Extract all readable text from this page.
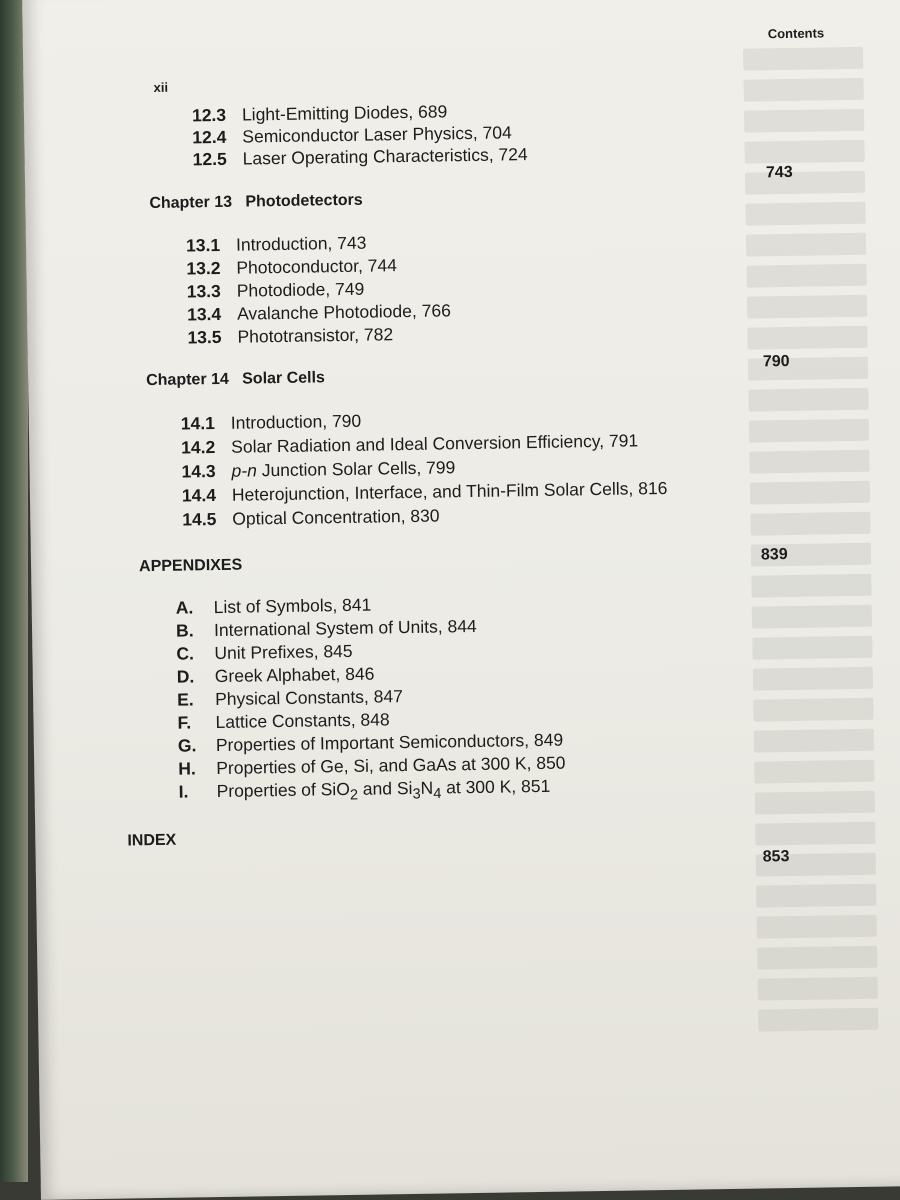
Contents
xii
12.3 Light-Emitting Diodes, 689
12.4 Semiconductor Laser Physics, 704
12.5 Laser Operating Characteristics, 724
Chapter 13 Photodetectors
743
13.1 Introduction, 743
13.2 Photoconductor, 744
13.3 Photodiode, 749
13.4 Avalanche Photodiode, 766
13.5 Phototransistor, 782
Chapter 14 Solar Cells
790
14.1 Introduction, 790
14.2 Solar Radiation and Ideal Conversion Efficiency, 791
14.3 p-n Junction Solar Cells, 799
14.4 Heterojunction, Interface, and Thin-Film Solar Cells, 816
14.5 Optical Concentration, 830
APPENDIXES
839
A. List of Symbols, 841
B. International System of Units, 844
C. Unit Prefixes, 845
D. Greek Alphabet, 846
E. Physical Constants, 847
F. Lattice Constants, 848
G. Properties of Important Semiconductors, 849
H. Properties of Ge, Si, and GaAs at 300 K, 850
I. Properties of SiO$_2$ and $Si_3N_4$ at 300 K, 851
INDEX
853
